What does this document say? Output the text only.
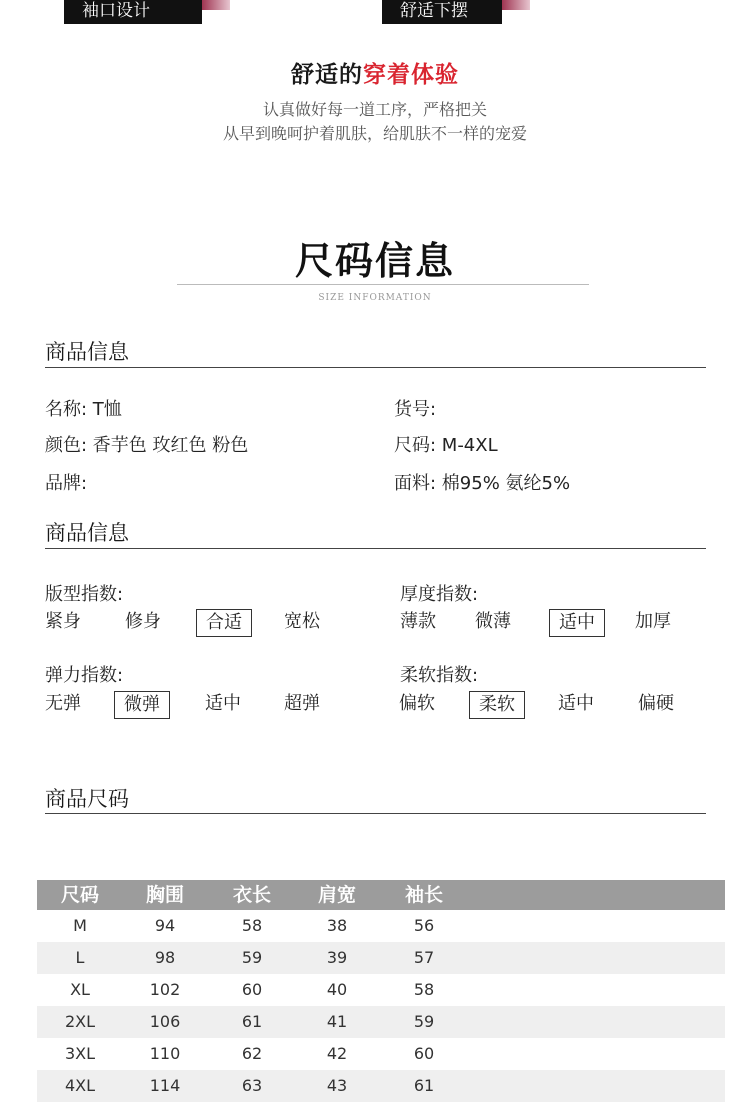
袖口设计	舒适下摆
舒适的穿着体验
认真做好每一道工序，严格把关
从早到晚呵护着肌肤，给肌肤不一样的宠爱
尺码信息
SIZE INFORMATION
商品信息
名称: T恤	货号:
颜色: 香芋色 玫红色 粉色	尺码: M-4XL
品牌:	面料: 棉95% 氨纶5%
商品信息
版型指数:
紧身 修身	合适	宽松
厚度指数:
薄款 微薄	适中	加厚
弹力指数:
无弹	微弹	适中 超弹
柔软指数:
偏软	柔软	适中 偏硬
商品尺码
尺码	胸围	衣长	肩宽	袖长
M	94	58	38	56
L	98	59	39	57
XL	102	60	40	58
2XL	106	61	41	59
3XL	110	62	42	60
4XL	114	63	43	61
